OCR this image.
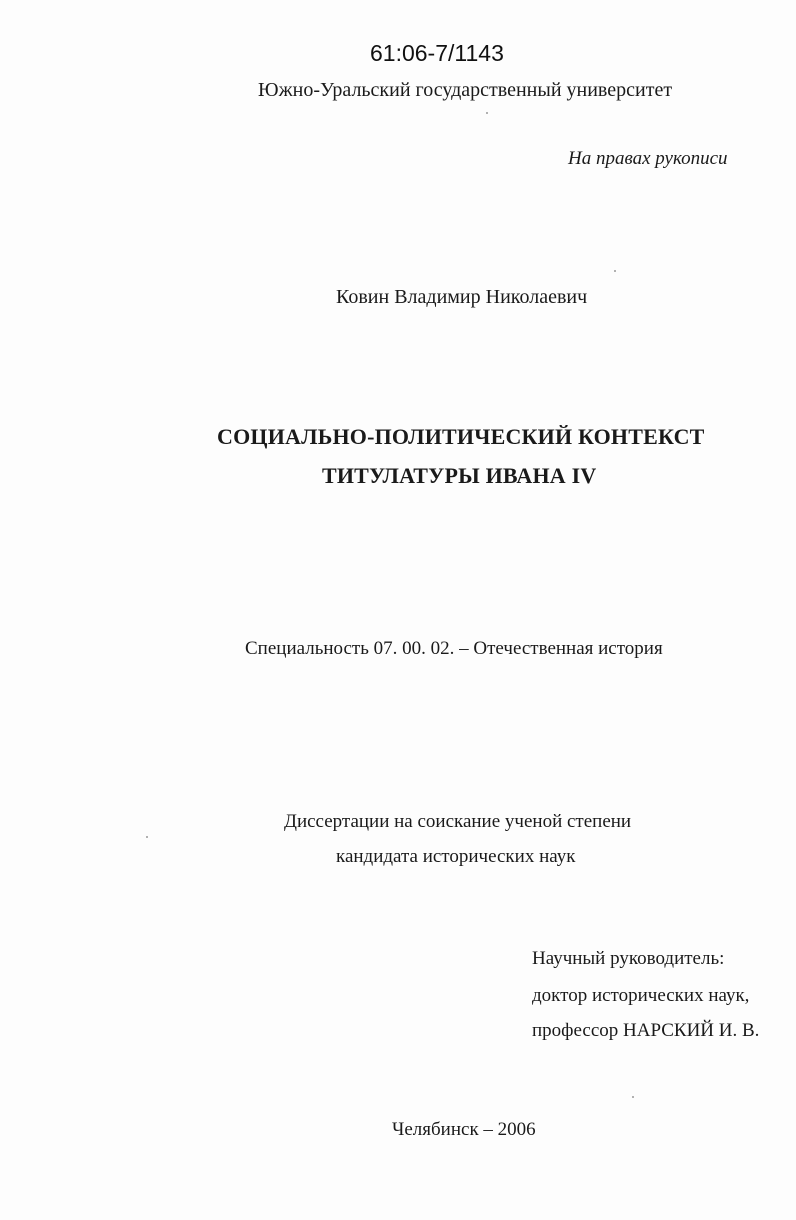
61:06-7/1143
Южно-Уральский государственный университет
На правах рукописи
Ковин Владимир Николаевич
СОЦИАЛЬНО-ПОЛИТИЧЕСКИЙ КОНТЕКСТ
ТИТУЛАТУРЫ ИВАНА IV
Специальность 07. 00. 02. – Отечественная история
Диссертации на соискание ученой степени
кандидата исторических наук
Научный руководитель:
доктор исторических наук,
профессор НАРСКИЙ И. В.
Челябинск – 2006
